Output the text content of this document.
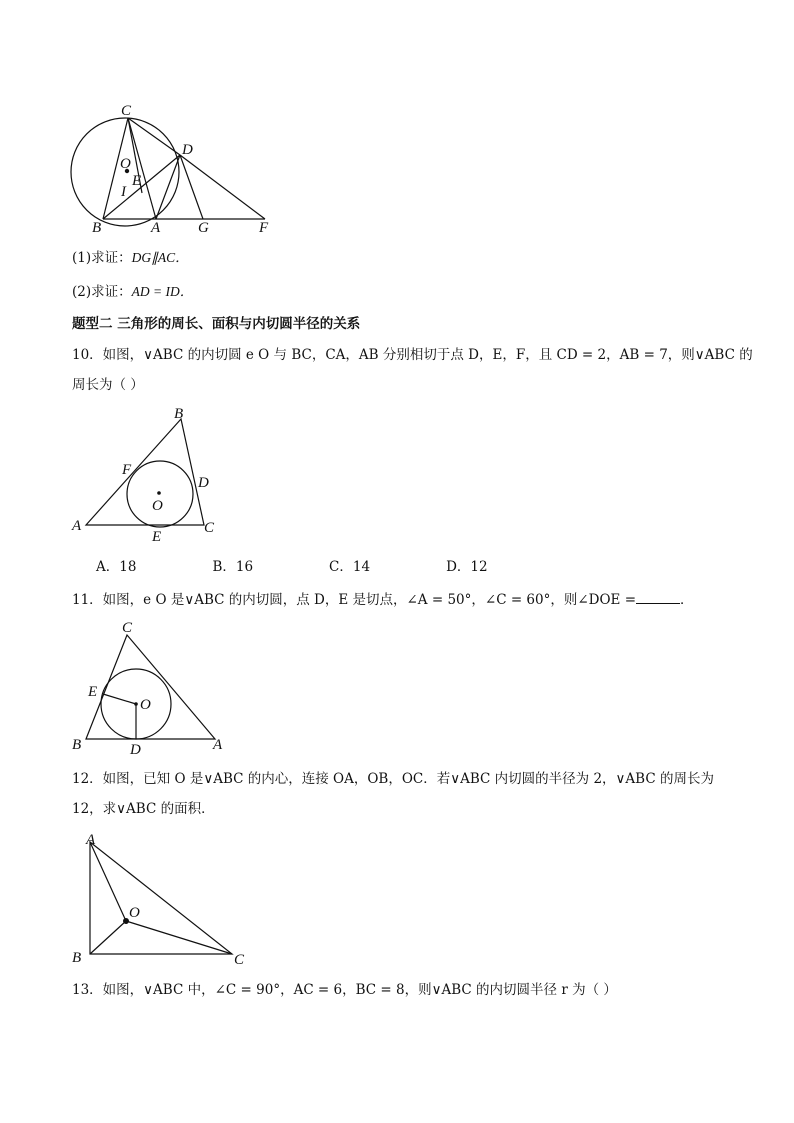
C
O
E
I
B	A
D
G	F
(1)求证：DG∥AC．
(2)求证：AD = ID．
题型二 三角形的周长、面积与内切圆半径的关系
10．如图，∨ABC 的内切圆 e O 与 BC，CA，AB 分别相切于点 D，E，F，且 CD = 2，AB = 7，则∨ABC 的
周长为（ ）
B
F
D
O
A
E
C
A．18	B．16	C．14	D．12
11．如图，e O 是∨ABC 的内切圆，点 D，E 是切点，∠A = 50°，∠C = 60°，则∠DOE =	．
C
E
O
B	D	A
12．如图，已知 O 是∨ABC 的内心，连接 OA，OB，OC．若∨ABC 内切圆的半径为 2，∨ABC 的周长为
12，求∨ABC 的面积．
A
O
B	C
13．如图，∨ABC 中，∠C = 90°，AC = 6，BC = 8，则∨ABC 的内切圆半径 r 为（ ）
